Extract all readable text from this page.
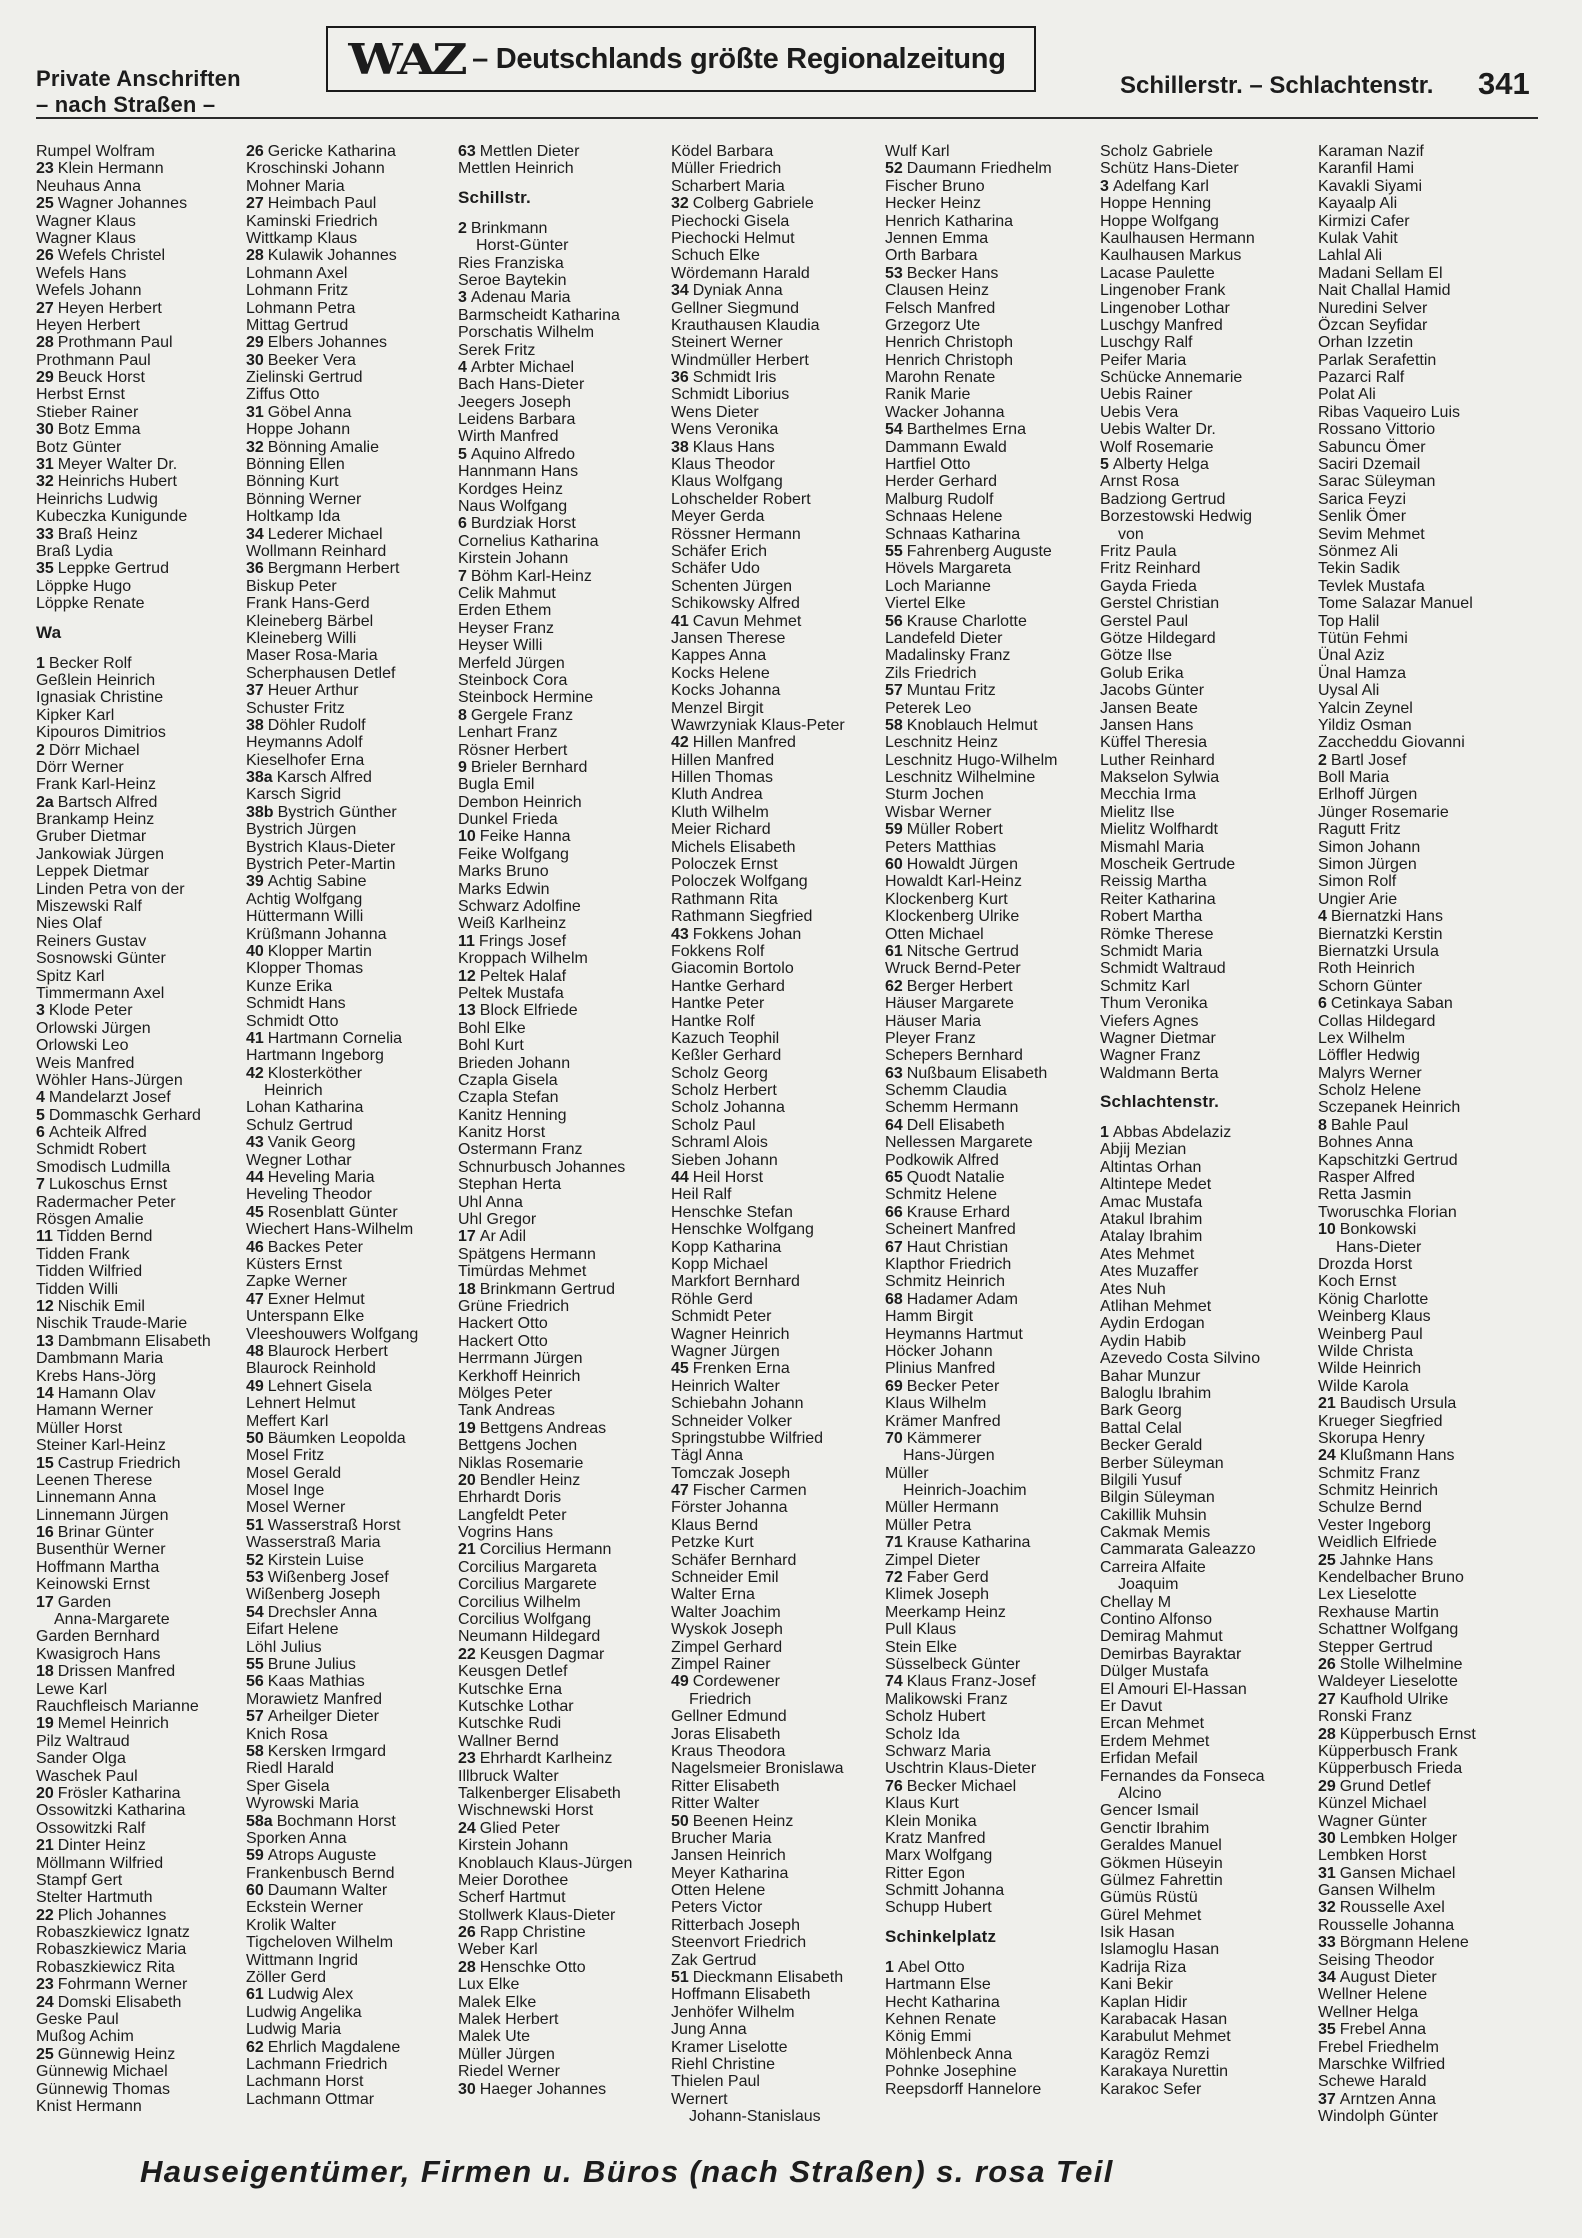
Private Anschriften
– nach Straßen –
WAZ – Deutschlands größte Regionalzeitung
Schillerstr. – Schlachtenstr. 341
Rumpel Wolfram
23 Klein Hermann
Neuhaus Anna
25 Wagner Johannes
Wagner Klaus
Wagner Klaus
26 Wefels Christel
Wefels Hans
Wefels Johann
27 Heyen Herbert
Heyen Herbert
28 Prothmann Paul
Prothmann Paul
29 Beuck Horst
Herbst Ernst
Stieber Rainer
30 Botz Emma
Botz Günter
31 Meyer Walter Dr.
32 Heinrichs Hubert
Heinrichs Ludwig
Kubeczka Kunigunde
33 Braß Heinz
Braß Lydia
35 Leppke Gertrud
Löppke Hugo
Löppke Renate
Wa
1 Becker Rolf
Geßlein Heinrich
Ignasiak Christine
Kipker Karl
Kipouros Dimitrios
2 Dörr Michael
Dörr Werner
Frank Karl-Heinz
2a Bartsch Alfred
Brankamp Heinz
Gruber Dietmar
Jankowiak Jürgen
Leppek Dietmar
Linden Petra von der
Miszewski Ralf
Nies Olaf
Reiners Gustav
Sosnowski Günter
Spitz Karl
Timmermann Axel
3 Klode Peter
Orlowski Jürgen
Orlowski Leo
Weis Manfred
Wöhler Hans-Jürgen
4 Mandelarzt Josef
5 Dommaschk Gerhard
6 Achteik Alfred
Schmidt Robert
Smodisch Ludmilla
7 Lukoschus Ernst
Radermacher Peter
Rösgen Amalie
11 Tidden Bernd
Tidden Frank
Tidden Wilfried
Tidden Willi
12 Nischik Emil
Nischik Traude-Marie
13 Dambmann Elisabeth
Dambmann Maria
Krebs Hans-Jörg
14 Hamann Olav
Hamann Werner
Müller Horst
Steiner Karl-Heinz
15 Castrup Friedrich
Leenen Therese
Linnemann Anna
Linnemann Jürgen
16 Brinar Günter
Busenthür Werner
Hoffmann Martha
Keinowski Ernst
17 Garden
Anna-Margarete
Garden Bernhard
Kwasigroch Hans
18 Drissen Manfred
Lewe Karl
Rauchfleisch Marianne
19 Memel Heinrich
Pilz Waltraud
Sander Olga
Waschek Paul
20 Frösler Katharina
Ossowitzki Katharina
Ossowitzki Ralf
21 Dinter Heinz
Möllmann Wilfried
Stampf Gert
Stelter Hartmuth
22 Plich Johannes
Robaszkiewicz Ignatz
Robaszkiewicz Maria
Robaszkiewicz Rita
23 Fohrmann Werner
24 Domski Elisabeth
Geske Paul
Mußog Achim
25 Günnewig Heinz
Günnewig Michael
Günnewig Thomas
Knist Hermann
26 Gericke Katharina
Kroschinski Johann
Mohner Maria
27 Heimbach Paul
Kaminski Friedrich
Wittkamp Klaus
28 Kulawik Johannes
Lohmann Axel
Lohmann Fritz
Lohmann Petra
Mittag Gertrud
29 Elbers Johannes
30 Beeker Vera
Zielinski Gertrud
Ziffus Otto
31 Göbel Anna
Hoppe Johann
32 Bönning Amalie
Bönning Ellen
Bönning Kurt
Bönning Werner
Holtkamp Ida
34 Lederer Michael
Wollmann Reinhard
36 Bergmann Herbert
Biskup Peter
Frank Hans-Gerd
Kleineberg Bärbel
Kleineberg Willi
Maser Rosa-Maria
Scherphausen Detlef
37 Heuer Arthur
Schuster Fritz
38 Döhler Rudolf
Heymanns Adolf
Kieselhofer Erna
38a Karsch Alfred
Karsch Sigrid
38b Bystrich Günther
Bystrich Jürgen
Bystrich Klaus-Dieter
Bystrich Peter-Martin
39 Achtig Sabine
Achtig Wolfgang
Hüttermann Willi
Krüßmann Johanna
40 Klopper Martin
Klopper Thomas
Kunze Erika
Schmidt Hans
Schmidt Otto
41 Hartmann Cornelia
Hartmann Ingeborg
42 Klosterköther
Heinrich
Lohan Katharina
Schulz Gertrud
43 Vanik Georg
Wegner Lothar
44 Heveling Maria
Heveling Theodor
45 Rosenblatt Günter
Wiechert Hans-Wilhelm
46 Backes Peter
Küsters Ernst
Zapke Werner
47 Exner Helmut
Unterspann Elke
Vleeshouwers Wolfgang
48 Blaurock Herbert
Blaurock Reinhold
49 Lehnert Gisela
Lehnert Helmut
Meffert Karl
50 Bäumken Leopolda
Mosel Fritz
Mosel Gerald
Mosel Inge
Mosel Werner
51 Wasserstraß Horst
Wasserstraß Maria
52 Kirstein Luise
53 Wißenberg Josef
Wißenberg Joseph
54 Drechsler Anna
Eifart Helene
Löhl Julius
55 Brune Julius
56 Kaas Mathias
Morawietz Manfred
57 Arheilger Dieter
Knich Rosa
58 Kersken Irmgard
Riedl Harald
Sper Gisela
Wyrowski Maria
58a Bochmann Horst
Sporken Anna
59 Atrops Auguste
Frankenbusch Bernd
60 Daumann Walter
Eckstein Werner
Krolik Walter
Tigcheloven Wilhelm
Wittmann Ingrid
Zöller Gerd
61 Ludwig Alex
Ludwig Angelika
Ludwig Maria
62 Ehrlich Magdalene
Lachmann Friedrich
Lachmann Horst
Lachmann Ottmar
63 Mettlen Dieter
Mettlen Heinrich
Schillstr.
2 Brinkmann
Horst-Günter
Ries Franziska
Seroe Baytekin
3 Adenau Maria
Barmscheidt Katharina
Porschatis Wilhelm
Serek Fritz
4 Arbter Michael
Bach Hans-Dieter
Jeegers Joseph
Leidens Barbara
Wirth Manfred
5 Aquino Alfredo
Hannmann Hans
Kordges Heinz
Naus Wolfgang
6 Burdziak Horst
Cornelius Katharina
Kirstein Johann
7 Böhm Karl-Heinz
Celik Mahmut
Erden Ethem
Heyser Franz
Heyser Willi
Merfeld Jürgen
Steinbock Cora
Steinbock Hermine
8 Gergele Franz
Lenhart Franz
Rösner Herbert
9 Brieler Bernhard
Bugla Emil
Dembon Heinrich
Dunkel Frieda
10 Feike Hanna
Feike Wolfgang
Marks Bruno
Marks Edwin
Schwarz Adolfine
Weiß Karlheinz
11 Frings Josef
Kroppach Wilhelm
12 Peltek Halaf
Peltek Mustafa
13 Block Elfriede
Bohl Elke
Bohl Kurt
Brieden Johann
Czapla Gisela
Czapla Stefan
Kanitz Henning
Kanitz Horst
Ostermann Franz
Schnurbusch Johannes
Stephan Herta
Uhl Anna
Uhl Gregor
17 Ar Adil
Spätgens Hermann
Timürdas Mehmet
18 Brinkmann Gertrud
Grüne Friedrich
Hackert Otto
Hackert Otto
Herrmann Jürgen
Kerkhoff Heinrich
Mölges Peter
Tank Andreas
19 Bettgens Andreas
Bettgens Jochen
Niklas Rosemarie
20 Bendler Heinz
Ehrhardt Doris
Langfeldt Peter
Vogrins Hans
21 Corcilius Hermann
Corcilius Margareta
Corcilius Margarete
Corcilius Wilhelm
Corcilius Wolfgang
Neumann Hildegard
22 Keusgen Dagmar
Keusgen Detlef
Kutschke Erna
Kutschke Lothar
Kutschke Rudi
Wallner Bernd
23 Ehrhardt Karlheinz
Illbruck Walter
Talkenberger Elisabeth
Wischnewski Horst
24 Glied Peter
Kirstein Johann
Knoblauch Klaus-Jürgen
Meier Dorothee
Scherf Hartmut
Stollwerk Klaus-Dieter
26 Rapp Christine
Weber Karl
28 Henschke Otto
Lux Elke
Malek Elke
Malek Herbert
Malek Ute
Müller Jürgen
Riedel Werner
30 Haeger Johannes
Ködel Barbara
Müller Friedrich
Scharbert Maria
32 Colberg Gabriele
Piechocki Gisela
Piechocki Helmut
Schuch Elke
Wördemann Harald
34 Dyniak Anna
Gellner Siegmund
Krauthausen Klaudia
Steinert Werner
Windmüller Herbert
36 Schmidt Iris
Schmidt Liborius
Wens Dieter
Wens Veronika
38 Klaus Hans
Klaus Theodor
Klaus Wolfgang
Lohschelder Robert
Meyer Gerda
Rössner Hermann
Schäfer Erich
Schäfer Udo
Schenten Jürgen
Schikowsky Alfred
41 Cavun Mehmet
Jansen Therese
Kappes Anna
Kocks Helene
Kocks Johanna
Menzel Birgit
Wawrzyniak Klaus-Peter
42 Hillen Manfred
Hillen Manfred
Hillen Thomas
Kluth Andrea
Kluth Wilhelm
Meier Richard
Michels Elisabeth
Poloczek Ernst
Poloczek Wolfgang
Rathmann Rita
Rathmann Siegfried
43 Fokkens Johan
Fokkens Rolf
Giacomin Bortolo
Hantke Gerhard
Hantke Peter
Hantke Rolf
Kazuch Teophil
Keßler Gerhard
Scholz Georg
Scholz Herbert
Scholz Johanna
Scholz Paul
Schraml Alois
Sieben Johann
44 Heil Horst
Heil Ralf
Henschke Stefan
Henschke Wolfgang
Kopp Katharina
Kopp Michael
Markfort Bernhard
Röhle Gerd
Schmidt Peter
Wagner Heinrich
Wagner Jürgen
45 Frenken Erna
Heinrich Walter
Schiebahn Johann
Schneider Volker
Springstubbe Wilfried
Tägl Anna
Tomczak Joseph
47 Fischer Carmen
Förster Johanna
Klaus Bernd
Petzke Kurt
Schäfer Bernhard
Schneider Emil
Walter Erna
Walter Joachim
Wyskok Joseph
Zimpel Gerhard
Zimpel Rainer
49 Cordewener
Friedrich
Gellner Edmund
Joras Elisabeth
Kraus Theodora
Nagelsmeier Bronislawa
Ritter Elisabeth
Ritter Walter
50 Beenen Heinz
Brucher Maria
Jansen Heinrich
Meyer Katharina
Otten Helene
Peters Victor
Ritterbach Joseph
Steenvort Friedrich
Zak Gertrud
51 Dieckmann Elisabeth
Hoffmann Elisabeth
Jenhöfer Wilhelm
Jung Anna
Kramer Liselotte
Riehl Christine
Thielen Paul
Wernert
Johann-Stanislaus
Wulf Karl
52 Daumann Friedhelm
Fischer Bruno
Hecker Heinz
Henrich Katharina
Jennen Emma
Orth Barbara
53 Becker Hans
Clausen Heinz
Felsch Manfred
Grzegorz Ute
Henrich Christoph
Henrich Christoph
Marohn Renate
Ranik Marie
Wacker Johanna
54 Barthelmes Erna
Dammann Ewald
Hartfiel Otto
Herder Gerhard
Malburg Rudolf
Schnaas Helene
Schnaas Katharina
55 Fahrenberg Auguste
Hövels Margareta
Loch Marianne
Viertel Elke
56 Krause Charlotte
Landefeld Dieter
Madalinsky Franz
Zils Friedrich
57 Muntau Fritz
Peterek Leo
58 Knoblauch Helmut
Leschnitz Heinz
Leschnitz Hugo-Wilhelm
Leschnitz Wilhelmine
Sturm Jochen
Wisbar Werner
59 Müller Robert
Peters Matthias
60 Howaldt Jürgen
Howaldt Karl-Heinz
Klockenberg Kurt
Klockenberg Ulrike
Otten Michael
61 Nitsche Gertrud
Wruck Bernd-Peter
62 Berger Herbert
Häuser Margarete
Häuser Maria
Pleyer Franz
Schepers Bernhard
63 Nußbaum Elisabeth
Schemm Claudia
Schemm Hermann
64 Dell Elisabeth
Nellessen Margarete
Podkowik Alfred
65 Quodt Natalie
Schmitz Helene
66 Krause Erhard
Scheinert Manfred
67 Haut Christian
Klapthor Friedrich
Schmitz Heinrich
68 Hadamer Adam
Hamm Birgit
Heymanns Hartmut
Höcker Johann
Plinius Manfred
69 Becker Peter
Klaus Wilhelm
Krämer Manfred
70 Kämmerer
Hans-Jürgen
Müller
Heinrich-Joachim
Müller Hermann
Müller Petra
71 Krause Katharina
Zimpel Dieter
72 Faber Gerd
Klimek Joseph
Meerkamp Heinz
Pull Klaus
Stein Elke
Süsselbeck Günter
74 Klaus Franz-Josef
Malikowski Franz
Scholz Hubert
Scholz Ida
Schwarz Maria
Uschtrin Klaus-Dieter
76 Becker Michael
Klaus Kurt
Klein Monika
Kratz Manfred
Marx Wolfgang
Ritter Egon
Schmitt Johanna
Schupp Hubert
Schinkelplatz
1 Abel Otto
Hartmann Else
Hecht Katharina
Kehnen Renate
König Emmi
Möhlenbeck Anna
Pohnke Josephine
Reepsdorff Hannelore
Scholz Gabriele
Schütz Hans-Dieter
3 Adelfang Karl
Hoppe Henning
Hoppe Wolfgang
Kaulhausen Hermann
Kaulhausen Markus
Lacase Paulette
Lingenober Frank
Lingenober Lothar
Luschgy Manfred
Luschgy Ralf
Peifer Maria
Schücke Annemarie
Uebis Rainer
Uebis Vera
Uebis Walter Dr.
Wolf Rosemarie
5 Alberty Helga
Arnst Rosa
Badziong Gertrud
Borzestowski Hedwig
von
Fritz Paula
Fritz Reinhard
Gayda Frieda
Gerstel Christian
Gerstel Paul
Götze Hildegard
Götze Ilse
Golub Erika
Jacobs Günter
Jansen Beate
Jansen Hans
Küffel Theresia
Luther Reinhard
Makselon Sylwia
Mecchia Irma
Mielitz Ilse
Mielitz Wolfhardt
Mismahl Maria
Moscheik Gertrude
Reissig Martha
Reiter Katharina
Robert Martha
Römke Therese
Schmidt Maria
Schmidt Waltraud
Schmitz Karl
Thum Veronika
Viefers Agnes
Wagner Dietmar
Wagner Franz
Waldmann Berta
Schlachtenstr.
1 Abbas Abdelaziz
Abjij Mezian
Altintas Orhan
Altintepe Medet
Amac Mustafa
Atakul Ibrahim
Atalay Ibrahim
Ates Mehmet
Ates Muzaffer
Ates Nuh
Atlihan Mehmet
Aydin Erdogan
Aydin Habib
Azevedo Costa Silvino
Bahar Munzur
Baloglu Ibrahim
Bark Georg
Battal Celal
Becker Gerald
Berber Süleyman
Bilgili Yusuf
Bilgin Süleyman
Cakillik Muhsin
Cakmak Memis
Cammarata Galeazzo
Carreira Alfaite
Joaquim
Chellay M
Contino Alfonso
Demirag Mahmut
Demirbas Bayraktar
Dülger Mustafa
El Amouri El-Hassan
Er Davut
Ercan Mehmet
Erdem Mehmet
Erfidan Mefail
Fernandes da Fonseca
Alcino
Gencer Ismail
Genctir Ibrahim
Geraldes Manuel
Gökmen Hüseyin
Gülmez Fahrettin
Gümüs Rüstü
Gürel Mehmet
Isik Hasan
Islamoglu Hasan
Kadrija Riza
Kani Bekir
Kaplan Hidir
Karabacak Hasan
Karabulut Mehmet
Karagöz Remzi
Karakaya Nurettin
Karakoc Sefer
Karaman Nazif
Karanfil Hami
Kavakli Siyami
Kayaalp Ali
Kirmizi Cafer
Kulak Vahit
Lahlal Ali
Madani Sellam El
Nait Challal Hamid
Nuredini Selver
Özcan Seyfidar
Orhan Izzetin
Parlak Serafettin
Pazarci Ralf
Polat Ali
Ribas Vaqueiro Luis
Rossano Vittorio
Sabuncu Ömer
Saciri Dzemail
Sarac Süleyman
Sarica Feyzi
Senlik Ömer
Sevim Mehmet
Sönmez Ali
Tekin Sadik
Tevlek Mustafa
Tome Salazar Manuel
Top Halil
Tütün Fehmi
Ünal Aziz
Ünal Hamza
Uysal Ali
Yalcin Zeynel
Yildiz Osman
Zaccheddu Giovanni
2 Bartl Josef
Boll Maria
Erlhoff Jürgen
Jünger Rosemarie
Ragutt Fritz
Simon Johann
Simon Jürgen
Simon Rolf
Ungier Arie
4 Biernatzki Hans
Biernatzki Kerstin
Biernatzki Ursula
Roth Heinrich
Schorn Günter
6 Cetinkaya Saban
Collas Hildegard
Lex Wilhelm
Löffler Hedwig
Malyrs Werner
Scholz Helene
Sczepanek Heinrich
8 Bahle Paul
Bohnes Anna
Kapschitzki Gertrud
Rasper Alfred
Retta Jasmin
Tworuschka Florian
10 Bonkowski
Hans-Dieter
Drozda Horst
Koch Ernst
König Charlotte
Weinberg Klaus
Weinberg Paul
Wilde Christa
Wilde Heinrich
Wilde Karola
21 Baudisch Ursula
Krueger Siegfried
Skorupa Henry
24 Klußmann Hans
Schmitz Franz
Schmitz Heinrich
Schulze Bernd
Vester Ingeborg
Weidlich Elfriede
25 Jahnke Hans
Kendelbacher Bruno
Lex Lieselotte
Rexhause Martin
Schattner Wolfgang
Stepper Gertrud
26 Stolle Wilhelmine
Waldeyer Lieselotte
27 Kaufhold Ulrike
Ronski Franz
28 Küpperbusch Ernst
Küpperbusch Frank
Küpperbusch Frieda
29 Grund Detlef
Künzel Michael
Wagner Günter
30 Lembken Holger
Lembken Horst
31 Gansen Michael
Gansen Wilhelm
32 Rousselle Axel
Rousselle Johanna
33 Börgmann Helene
Seising Theodor
34 August Dieter
Wellner Helene
Wellner Helga
35 Frebel Anna
Frebel Friedhelm
Marschke Wilfried
Schewe Harald
37 Arntzen Anna
Windolph Günter
Hauseigentümer, Firmen u. Büros (nach Straßen) s. rosa Teil
